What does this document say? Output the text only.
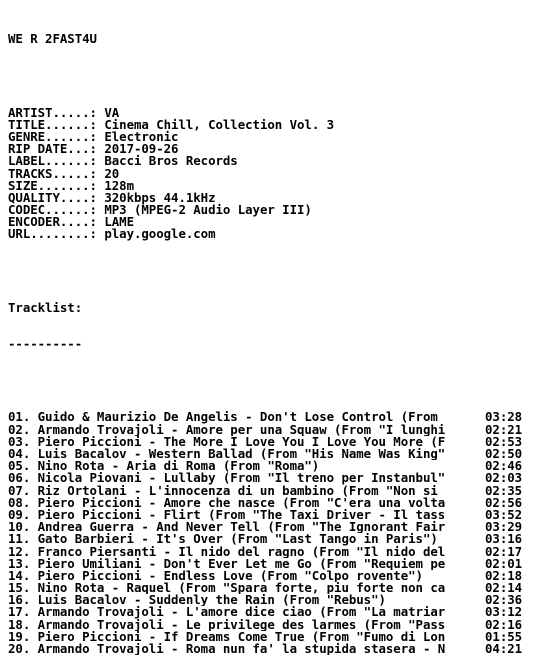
WE R 2FAST4U

ARTIST.....: VA
TITLE......: Cinema Chill, Collection Vol. 3
GENRE......: Electronic
RIP DATE...: 2017-09-26
LABEL......: Bacci Bros Records
TRACKS.....: 20
SIZE.......: 128m
QUALITY....: 320kbps 44.1kHz
CODEC......: MP3 (MPEG-2 Audio Layer III)
ENCODER....: LAME
URL........: play.google.com

Tracklist:

----------

01. Guido & Maurizio De Angelis - Don't Lose Control (From	03:28
02. Armando Trovajoli - Amore per una Squaw (From "I lunghi	02:21
03. Piero Piccioni - The More I Love You I Love You More (F	02:53
04. Luis Bacalov - Western Ballad (From "His Name Was King"	02:50
05. Nino Rota - Aria di Roma (From "Roma")	02:46
06. Nicola Piovani - Lullaby (From "Il treno per Instanbul"	02:03
07. Riz Ortolani - L'innocenza di un bambino (From "Non si	02:35
08. Piero Piccioni - Amore che nasce (From "C'era una volta	02:56
09. Piero Piccioni - Flirt (From "The Taxi Driver - Il tass	03:52
10. Andrea Guerra - And Never Tell (From "The Ignorant Fair	03:29
11. Gato Barbieri - It's Over (From "Last Tango in Paris")	03:16
12. Franco Piersanti - Il nido del ragno (From "Il nido del	02:17
13. Piero Umiliani - Don't Ever Let me Go (From "Requiem pe	02:01
14. Piero Piccioni - Endless Love (From "Colpo rovente")	02:18
15. Nino Rota - Raquel (From "Spara forte, piu forte non ca	02:14
16. Luis Bacalov - Suddenly the Rain (From "Rebus")	02:36
17. Armando Trovajoli - L'amore dice ciao (From "La matriar	03:12
18. Armando Trovajoli - Le privilege des larmes (From "Pass	02:16
19. Piero Piccioni - If Dreams Come True (From "Fumo di Lon	01:55
20. Armando Trovajoli - Roma nun fa' la stupida stasera - N	04:21
